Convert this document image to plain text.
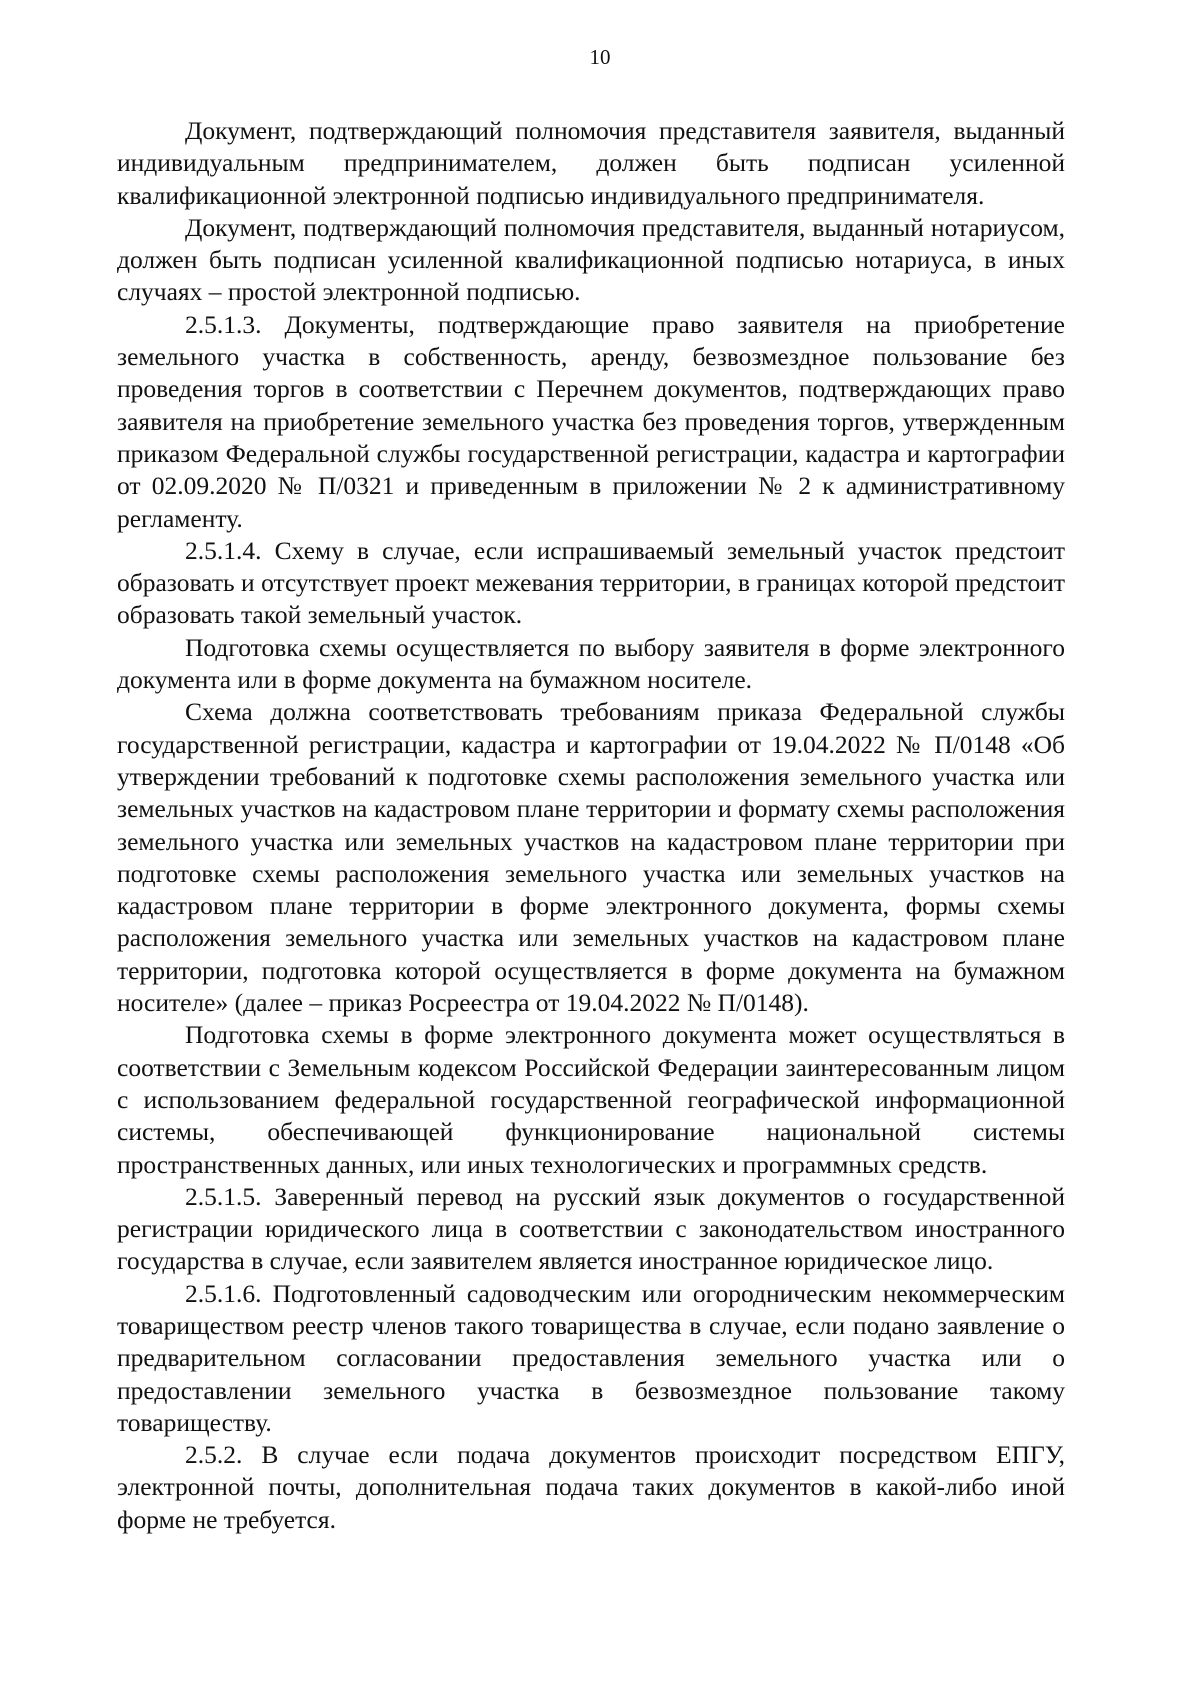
10

Документ, подтверждающий полномочия представителя заявителя, выданный индивидуальным предпринимателем, должен быть подписан усиленной квалификационной электронной подписью индивидуального предпринимателя.

Документ, подтверждающий полномочия представителя, выданный нотариусом, должен быть подписан усиленной квалификационной подписью нотариуса, в иных случаях – простой электронной подписью.

2.5.1.3. Документы, подтверждающие право заявителя на приобретение земельного участка в собственность, аренду, безвозмездное пользование без проведения торгов в соответствии с Перечнем документов, подтверждающих право заявителя на приобретение земельного участка без проведения торгов, утвержденным приказом Федеральной службы государственной регистрации, кадастра и картографии от 02.09.2020 № П/0321 и приведенным в приложении № 2 к административному регламенту.

2.5.1.4. Схему в случае, если испрашиваемый земельный участок предстоит образовать и отсутствует проект межевания территории, в границах которой предстоит образовать такой земельный участок.

Подготовка схемы осуществляется по выбору заявителя в форме электронного документа или в форме документа на бумажном носителе.

Схема должна соответствовать требованиям приказа Федеральной службы государственной регистрации, кадастра и картографии от 19.04.2022 № П/0148 «Об утверждении требований к подготовке схемы расположения земельного участка или земельных участков на кадастровом плане территории и формату схемы расположения земельного участка или земельных участков на кадастровом плане территории при подготовке схемы расположения земельного участка или земельных участков на кадастровом плане территории в форме электронного документа, формы схемы расположения земельного участка или земельных участков на кадастровом плане территории, подготовка которой осуществляется в форме документа на бумажном носителе» (далее – приказ Росреестра от 19.04.2022 № П/0148).

Подготовка схемы в форме электронного документа может осуществляться в соответствии с Земельным кодексом Российской Федерации заинтересованным лицом с использованием федеральной государственной географической информационной системы, обеспечивающей функционирование национальной системы пространственных данных, или иных технологических и программных средств.

2.5.1.5. Заверенный перевод на русский язык документов о государственной регистрации юридического лица в соответствии с законодательством иностранного государства в случае, если заявителем является иностранное юридическое лицо.

2.5.1.6. Подготовленный садоводческим или огородническим некоммерческим товариществом реестр членов такого товарищества в случае, если подано заявление о предварительном согласовании предоставления земельного участка или о предоставлении земельного участка в безвозмездное пользование такому товариществу.

2.5.2. В случае если подача документов происходит посредством ЕПГУ, электронной почты, дополнительная подача таких документов в какой-либо иной форме не требуется.
